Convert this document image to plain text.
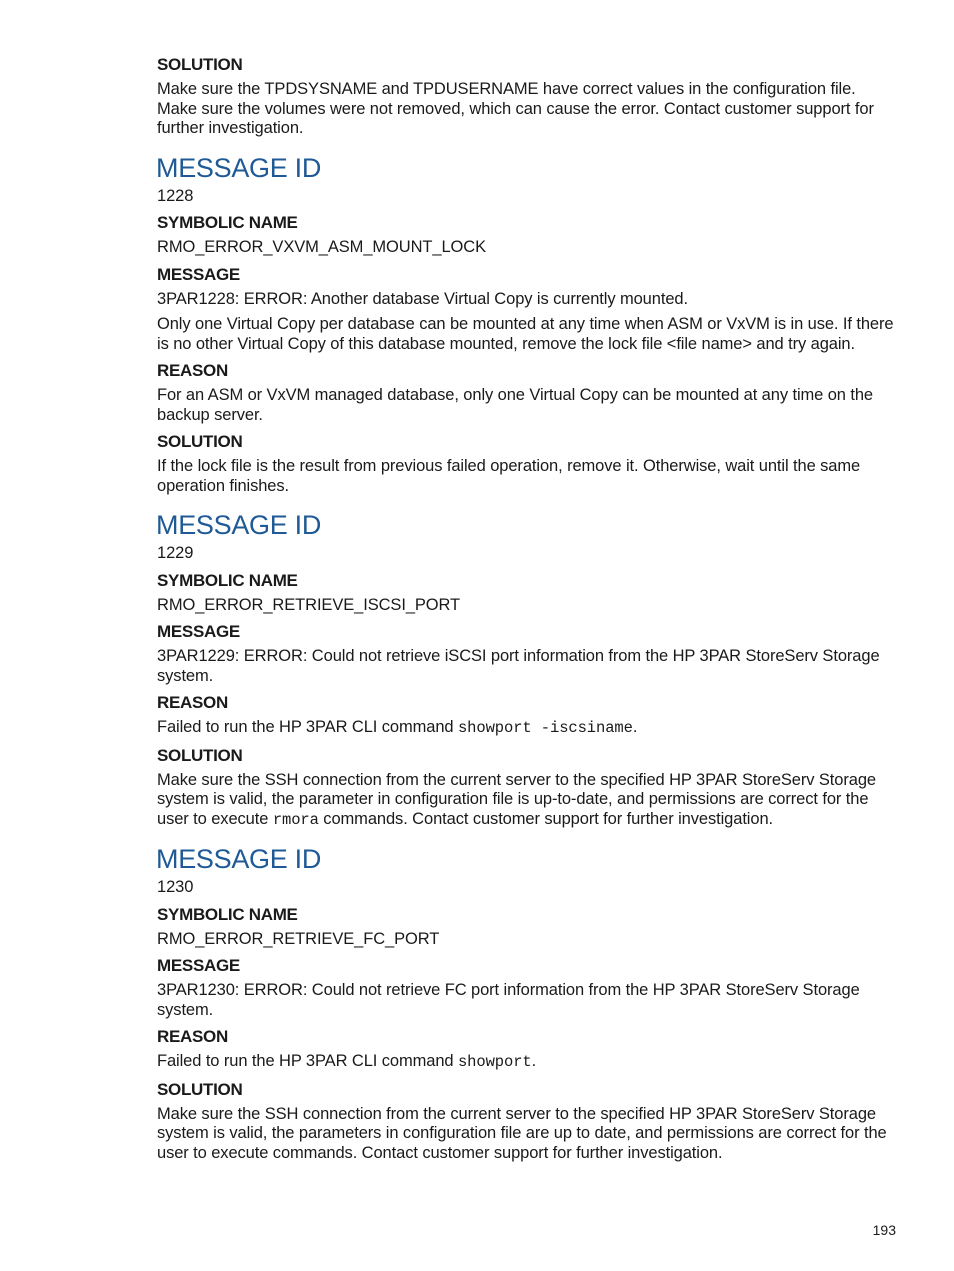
SOLUTION
Make sure the TPDSYSNAME and TPDUSERNAME have correct values in the configuration file. Make sure the volumes were not removed, which can cause the error. Contact customer support for further investigation.
MESSAGE ID
1228
SYMBOLIC NAME
RMO_ERROR_VXVM_ASM_MOUNT_LOCK
MESSAGE
3PAR1228: ERROR: Another database Virtual Copy is currently mounted.
Only one Virtual Copy per database can be mounted at any time when ASM or VxVM is in use. If there is no other Virtual Copy of this database mounted, remove the lock file <file name> and try again.
REASON
For an ASM or VxVM managed database, only one Virtual Copy can be mounted at any time on the backup server.
SOLUTION
If the lock file is the result from previous failed operation, remove it. Otherwise, wait until the same operation finishes.
MESSAGE ID
1229
SYMBOLIC NAME
RMO_ERROR_RETRIEVE_ISCSI_PORT
MESSAGE
3PAR1229: ERROR: Could not retrieve iSCSI port information from the HP 3PAR StoreServ Storage system.
REASON
Failed to run the HP 3PAR CLI command showport -iscsiname.
SOLUTION
Make sure the SSH connection from the current server to the specified HP 3PAR StoreServ Storage system is valid, the parameter in configuration file is up-to-date, and permissions are correct for the user to execute rmora commands. Contact customer support for further investigation.
MESSAGE ID
1230
SYMBOLIC NAME
RMO_ERROR_RETRIEVE_FC_PORT
MESSAGE
3PAR1230: ERROR: Could not retrieve FC port information from the HP 3PAR StoreServ Storage system.
REASON
Failed to run the HP 3PAR CLI command showport.
SOLUTION
Make sure the SSH connection from the current server to the specified HP 3PAR StoreServ Storage system is valid, the parameters in configuration file are up to date, and permissions are correct for the user to execute commands. Contact customer support for further investigation.
193
